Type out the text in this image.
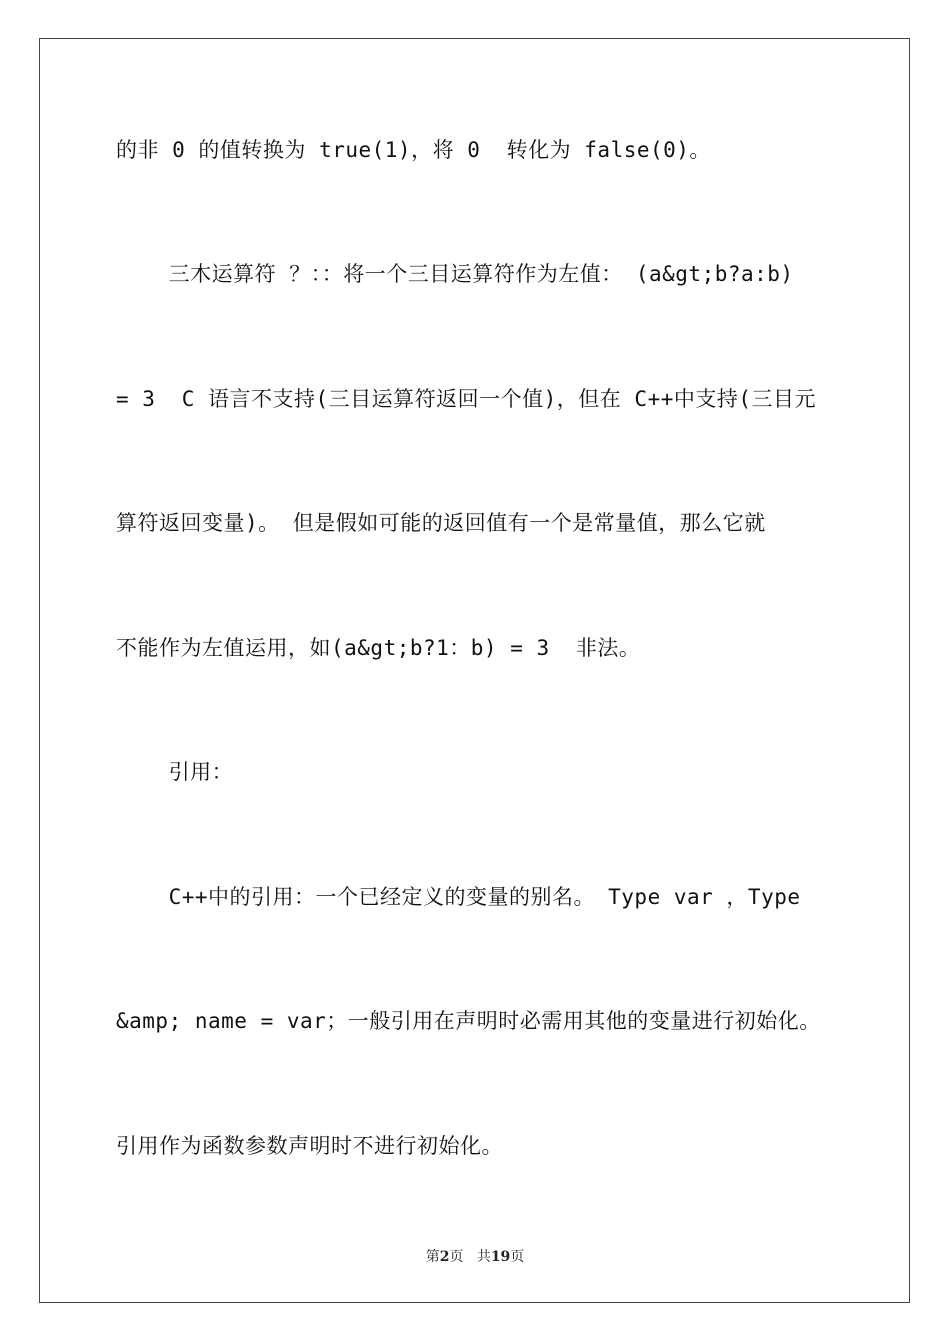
的非 0 的值转换为 true(1)，将 0  转化为 false(0)。
三木运算符 ？：：将一个三目运算符作为左值： (a&gt;b?a:b)
= 3  C 语言不支持(三目运算符返回一个值)，但在 C++中支持(三目元
算符返回变量)。 但是假如可能的返回值有一个是常量值，那么它就
不能作为左值运用，如(a&gt;b?1：b) = 3  非法。
引用：
C++中的引用：一个已经定义的变量的别名。 Type var ，Type
&amp; name = var；一般引用在声明时必需用其他的变量进行初始化。
引用作为函数参数声明时不进行初始化。
第2页 共19页
